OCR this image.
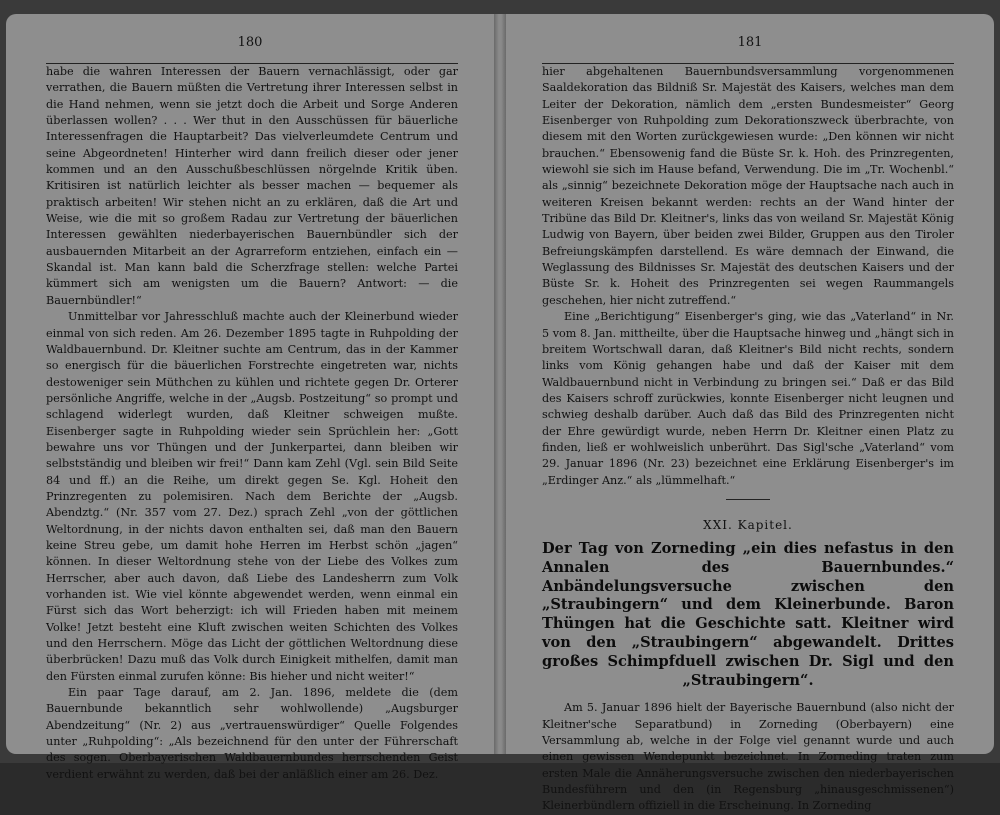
180

habe die wahren Interessen der Bauern vernachlässigt, oder gar verrathen, die Bauern müßten die Vertretung ihrer Interessen selbst in die Hand nehmen, wenn sie jetzt doch die Arbeit und Sorge Anderen überlassen wollen? . . . Wer thut in den Ausschüssen für bäuerliche Interessenfragen die Hauptarbeit? Das vielverleumdete Centrum und seine Abgeordneten! Hinterher wird dann freilich dieser oder jener kommen und an den Ausschußbeschlüssen nörgelnde Kritik üben. Kritisiren ist natürlich leichter als besser machen — bequemer als praktisch arbeiten! Wir stehen nicht an zu erklären, daß die Art und Weise, wie die mit so großem Radau zur Vertretung der bäuerlichen Interessen gewählten niederbayerischen Bauernbündler sich der ausbauernden Mitarbeit an der Agrarreform entziehen, einfach ein — Skandal ist. Man kann bald die Scherzfrage stellen: welche Partei kümmert sich am wenigsten um die Bauern? Antwort: — die Bauernbündler!“

Unmittelbar vor Jahresschluß machte auch der Kleinerbund wieder einmal von sich reden. Am 26. Dezember 1895 tagte in Ruhpolding der Waldbauernbund. Dr. Kleitner suchte am Centrum, das in der Kammer so energisch für die bäuerlichen Forstrechte eingetreten war, nichts destoweniger sein Müthchen zu kühlen und richtete gegen Dr. Orterer persönliche Angriffe, welche in der „Augsb. Postzeitung“ so prompt und schlagend widerlegt wurden, daß Kleitner schweigen mußte. Eisenberger sagte in Ruhpolding wieder sein Sprüchlein her: „Gott bewahre uns vor Thüngen und der Junkerpartei, dann bleiben wir selbstständig und bleiben wir frei!“ Dann kam Zehl (Vgl. sein Bild Seite 84 und ff.) an die Reihe, um direkt gegen Se. Kgl. Hoheit den Prinzregenten zu polemisiren. Nach dem Berichte der „Augsb. Abendztg.“ (Nr. 357 vom 27. Dez.) sprach Zehl „von der göttlichen Weltordnung, in der nichts davon enthalten sei, daß man den Bauern keine Streu gebe, um damit hohe Herren im Herbst schön „jagen“ können. In dieser Weltordnung stehe von der Liebe des Volkes zum Herrscher, aber auch davon, daß Liebe des Landesherrn zum Volk vorhanden ist. Wie viel könnte abgewendet werden, wenn einmal ein Fürst sich das Wort beherzigt: ich will Frieden haben mit meinem Volke! Jetzt besteht eine Kluft zwischen weiten Schichten des Volkes und den Herrschern. Möge das Licht der göttlichen Weltordnung diese überbrücken! Dazu muß das Volk durch Einigkeit mithelfen, damit man den Fürsten einmal zurufen könne: Bis hieher und nicht weiter!“

Ein paar Tage darauf, am 2. Jan. 1896, meldete die (dem Bauernbunde bekanntlich sehr wohlwollende) „Augsburger Abendzeitung“ (Nr. 2) aus „vertrauenswürdiger“ Quelle Folgendes unter „Ruhpolding“: „Als bezeichnend für den unter der Führerschaft des sogen. Oberbayerischen Waldbauernbundes herrschenden Geist verdient erwähnt zu werden, daß bei der anläßlich einer am 26. Dez.

181

hier abgehaltenen Bauernbundsversammlung vorgenommenen Saaldekoration das Bildniß Sr. Majestät des Kaisers, welches man dem Leiter der Dekoration, nämlich dem „ersten Bundesmeister“ Georg Eisenberger von Ruhpolding zum Dekorationszweck überbrachte, von diesem mit den Worten zurückgewiesen wurde: „Den können wir nicht brauchen.“ Ebensowenig fand die Büste Sr. k. Hoh. des Prinzregenten, wiewohl sie sich im Hause befand, Verwendung. Die im „Tr. Wochenbl.“ als „sinnig“ bezeichnete Dekoration möge der Hauptsache nach auch in weiteren Kreisen bekannt werden: rechts an der Wand hinter der Tribüne das Bild Dr. Kleitner's, links das von weiland Sr. Majestät König Ludwig von Bayern, über beiden zwei Bilder, Gruppen aus den Tiroler Befreiungskämpfen darstellend. Es wäre demnach der Einwand, die Weglassung des Bildnisses Sr. Majestät des deutschen Kaisers und der Büste Sr. k. Hoheit des Prinzregenten sei wegen Raummangels geschehen, hier nicht zutreffend.“

Eine „Berichtigung“ Eisenberger's ging, wie das „Vaterland“ in Nr. 5 vom 8. Jan. mittheilte, über die Hauptsache hinweg und „hängt sich in breitem Wortschwall daran, daß Kleitner's Bild nicht rechts, sondern links vom König gehangen habe und daß der Kaiser mit dem Waldbauernbund nicht in Verbindung zu bringen sei.“ Daß er das Bild des Kaisers schroff zurückwies, konnte Eisenberger nicht leugnen und schwieg deshalb darüber. Auch daß das Bild des Prinzregenten nicht der Ehre gewürdigt wurde, neben Herrn Dr. Kleitner einen Platz zu finden, ließ er wohlweislich unberührt. Das Sigl'sche „Vaterland“ vom 29. Januar 1896 (Nr. 23) bezeichnet eine Erklärung Eisenberger's im „Erdinger Anz.“ als „lümmelhaft.“

XXI. Kapitel.
Der Tag von Zorneding „ein dies nefastus in den Annalen des Bauernbundes.“ Anbändelungsversuche zwischen den „Straubingern“ und dem Kleinerbunde. Baron Thüngen hat die Geschichte satt. Kleitner wird von den „Straubingern“ abgewandelt. Drittes großes Schimpfduell zwischen Dr. Sigl und den „Straubingern“.

Am 5. Januar 1896 hielt der Bayerische Bauernbund (also nicht der Kleitner'sche Separatbund) in Zorneding (Oberbayern) eine Versammlung ab, welche in der Folge viel genannt wurde und auch einen gewissen Wendepunkt bezeichnet. In Zorneding traten zum ersten Male die Annäherungsversuche zwischen den niederbayerischen Bundesführern und den (in Regensburg „hinausgeschmissenen“) Kleinerbündlern offiziell in die Erscheinung. In Zorneding
